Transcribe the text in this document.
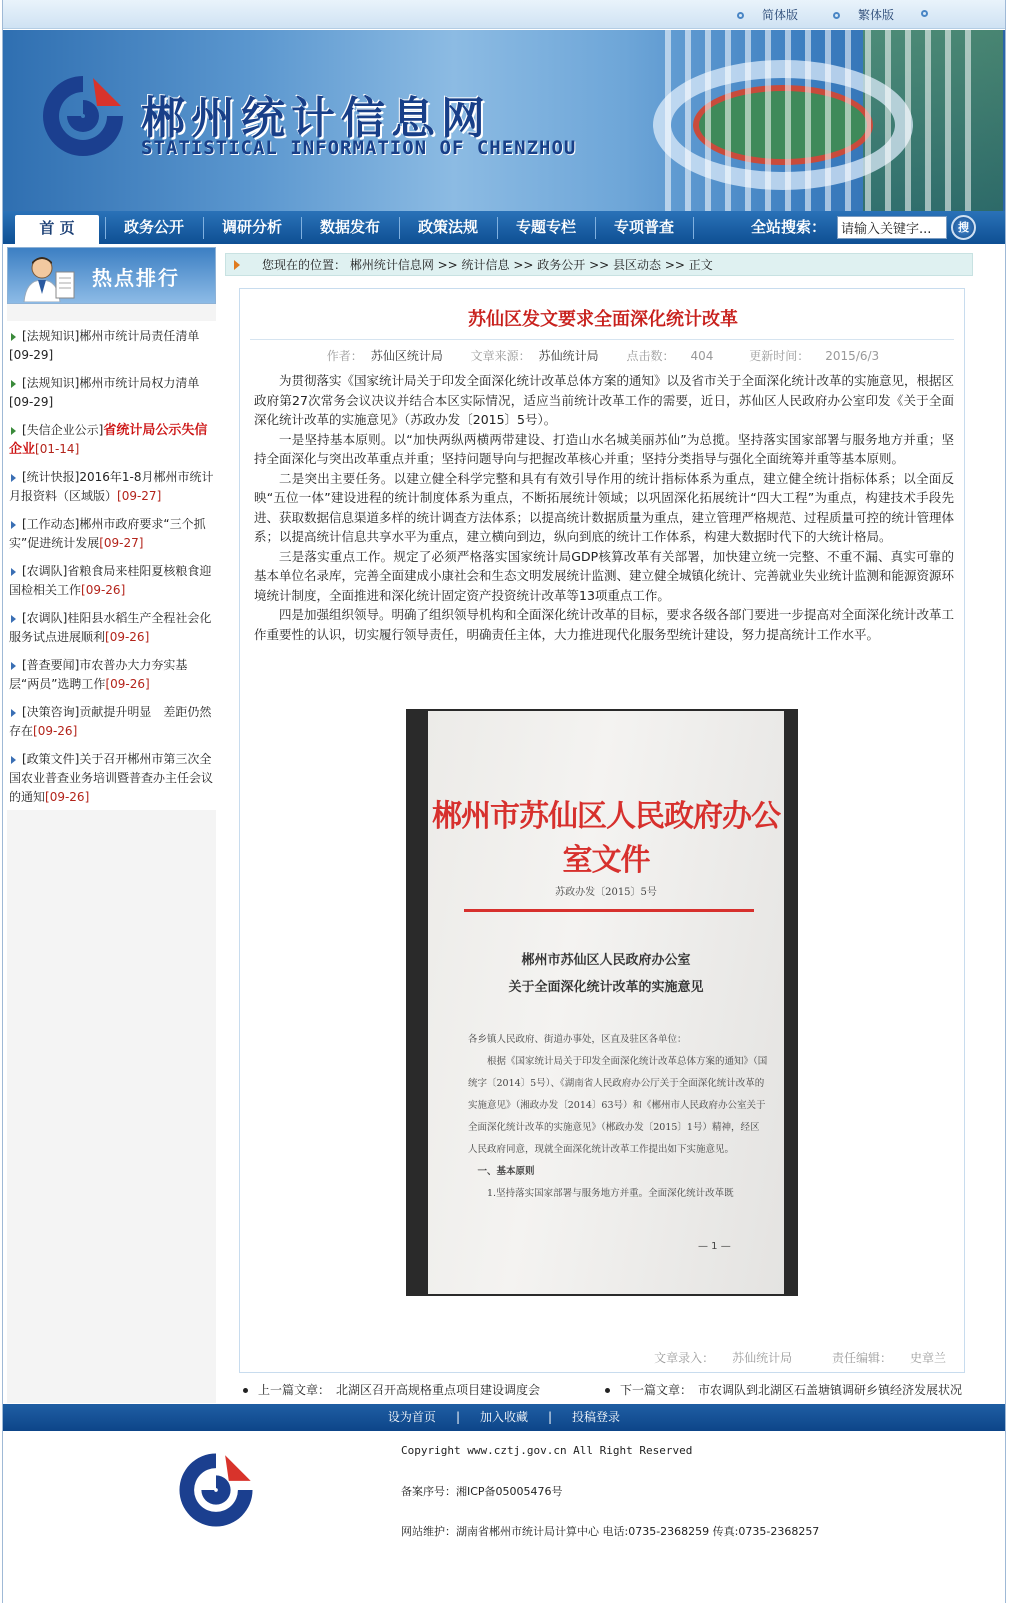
简体版	繁体版
郴州统计信息网
STATISTICAL INFORMATION OF CHENZHOU
首 页	政务公开	调研分析	数据发布	政策法规	专题专栏	专项普查	全站搜索：
请输入关键字...	搜
热点排行
[法规知识]郴州市统计局责任清单
[09-29]
[法规知识]郴州市统计局权力清单
[09-29]
[失信企业公示]省统计局公示失信企业[01-14]
[统计快报]2016年1-8月郴州市统计月报资料（区域版）[09-27]
[工作动态]郴州市政府要求“三个抓实”促进统计发展[09-27]
[农调队]省粮食局来桂阳夏核粮食迎国检相关工作[09-26]
[农调队]桂阳县水稻生产全程社会化服务试点进展顺利[09-26]
[普查要闻]市农普办大力夯实基层“两员”选聘工作[09-26]
[决策咨询]贡献提升明显　差距仍然存在[09-26]
[政策文件]关于召开郴州市第三次全国农业普查业务培训暨普查办主任会议的通知[09-26]
您现在的位置： 郴州统计信息网 >> 统计信息 >> 政务公开 >> 县区动态 >> 正文
苏仙区发文要求全面深化统计改革
作者： 苏仙区统计局 文章来源： 苏仙统计局 点击数： 404	更新时间： 2015/6/3

为贯彻落实《国家统计局关于印发全面深化统计改革总体方案的通知》以及省市关于全面深化统计改革的实施意见，根据区政府第27次常务会议决议并结合本区实际情况，适应当前统计改革工作的需要，近日，苏仙区人民政府办公室印发《关于全面深化统计改革的实施意见》（苏政办发〔2015〕5号）。

一是坚持基本原则。以“加快两纵两横两带建设、打造山水名城美丽苏仙”为总揽。坚持落实国家部署与服务地方并重；坚持全面深化与突出改革重点并重；坚持问题导向与把握改革核心并重；坚持分类指导与强化全面统筹并重等基本原则。

二是突出主要任务。以建立健全科学完整和具有有效引导作用的统计指标体系为重点，建立健全统计指标体系；以全面反映“五位一体”建设进程的统计制度体系为重点，不断拓展统计领域；以巩固深化拓展统计“四大工程”为重点，构建技术手段先进、获取数据信息渠道多样的统计调查方法体系；以提高统计数据质量为重点，建立管理严格规范、过程质量可控的统计管理体系；以提高统计信息共享水平为重点，建立横向到边，纵向到底的统计工作体系，构建大数据时代下的大统计格局。

三是落实重点工作。规定了必须严格落实国家统计局GDP核算改革有关部署，加快建立统一完整、不重不漏、真实可靠的基本单位名录库，完善全面建成小康社会和生态文明发展统计监测、建立健全城镇化统计、完善就业失业统计监测和能源资源环境统计制度，全面推进和深化统计固定资产投资统计改革等13项重点工作。

四是加强组织领导。明确了组织领导机构和全面深化统计改革的目标，要求各级各部门要进一步提高对全面深化统计改革工作重要性的认识，切实履行领导责任，明确责任主体，大力推进现代化服务型统计建设，努力提高统计工作水平。

郴州市苏仙区人民政府办公室文件
苏政办发〔2015〕5号
郴州市苏仙区人民政府办公室
关于全面深化统计改革的实施意见
各乡镇人民政府、街道办事处，区直及驻区各单位：

根据《国家统计局关于印发全面深化统计改革总体方案的通知》（国统字〔2014〕5号）、《湖南省人民政府办公厅关于全面深化统计改革的实施意见》（湘政办发〔2014〕63号）和《郴州市人民政府办公室关于全面深化统计改革的实施意见》（郴政办发〔2015〕1号）精神，经区人民政府同意，现就全面深化统计改革工作提出如下实施意见。

一、基本原则

1.坚持落实国家部署与服务地方并重。全面深化统计改革既

— 1 —
文章录入： 苏仙统计局	责任编辑： 史章兰
上一篇文章：　 北湖区召开高规格重点项目建设调度会	下一篇文章：　 市农调队到北湖区石盖塘镇调研乡镇经济发展状况
设为首页 | 加入收藏 | 投稿登录
Copyright www.cztj.gov.cn All Right Reserved
备案序号：湘ICP备05005476号
网站维护：湖南省郴州市统计局计算中心 电话:0735-2368259 传真:0735-2368257
